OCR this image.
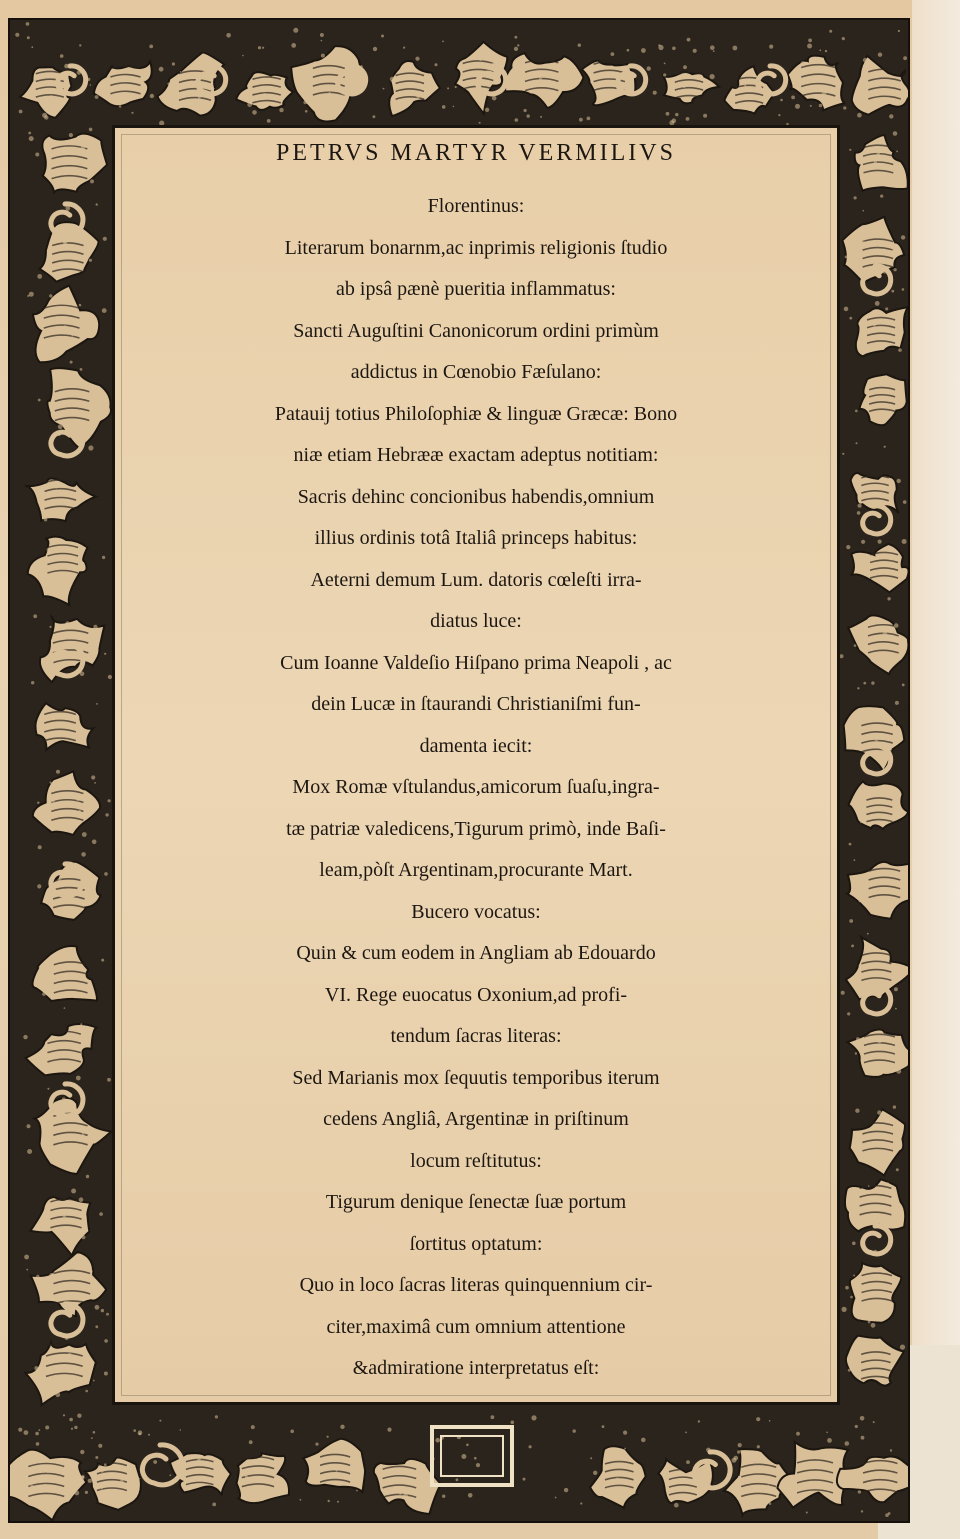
PETRVS MARTYR VERMILIVS
Florentinus:
Literarum bonarnm,ac inprimis religionis ſtudio
ab ipsâ pænè pueritia inflammatus:
Sancti Auguſtini Canonicorum ordini primùm
addictus in Cœnobio Fæſulano:
Patauij totius Philoſophiæ & linguæ Græcæ: Bono
niæ etiam Hebrææ exactam adeptus notitiam:
Sacris dehinc concionibus habendis,omnium
illius ordinis totâ Italiâ princeps habitus:
Aeterni demum Lum. datoris cœleſti irra-
diatus luce:
Cum Ioanne Valdeſio Hiſpano prima Neapoli , ac
dein Lucæ in ſtaurandi Christianiſmi fun-
damenta iecit:
Mox Romæ vſtulandus,amicorum ſuaſu,ingra-
tæ patriæ valedicens,Tigurum primò, inde Baſi-
leam,pòſt Argentinam,procurante Mart.
Bucero vocatus:
Quin & cum eodem in Angliam ab Edouardo
VI. Rege euocatus Oxonium,ad profi-
tendum ſacras literas:
Sed Marianis mox ſequutis temporibus iterum
cedens Angliâ, Argentinæ in priſtinum
locum reſtitutus:
Tigurum denique ſenectæ ſuæ portum
ſortitus optatum:
Quo in loco ſacras literas quinquennium cir-
citer,maximâ cum omnium attentione
&admiratione interpretatus eſt:
